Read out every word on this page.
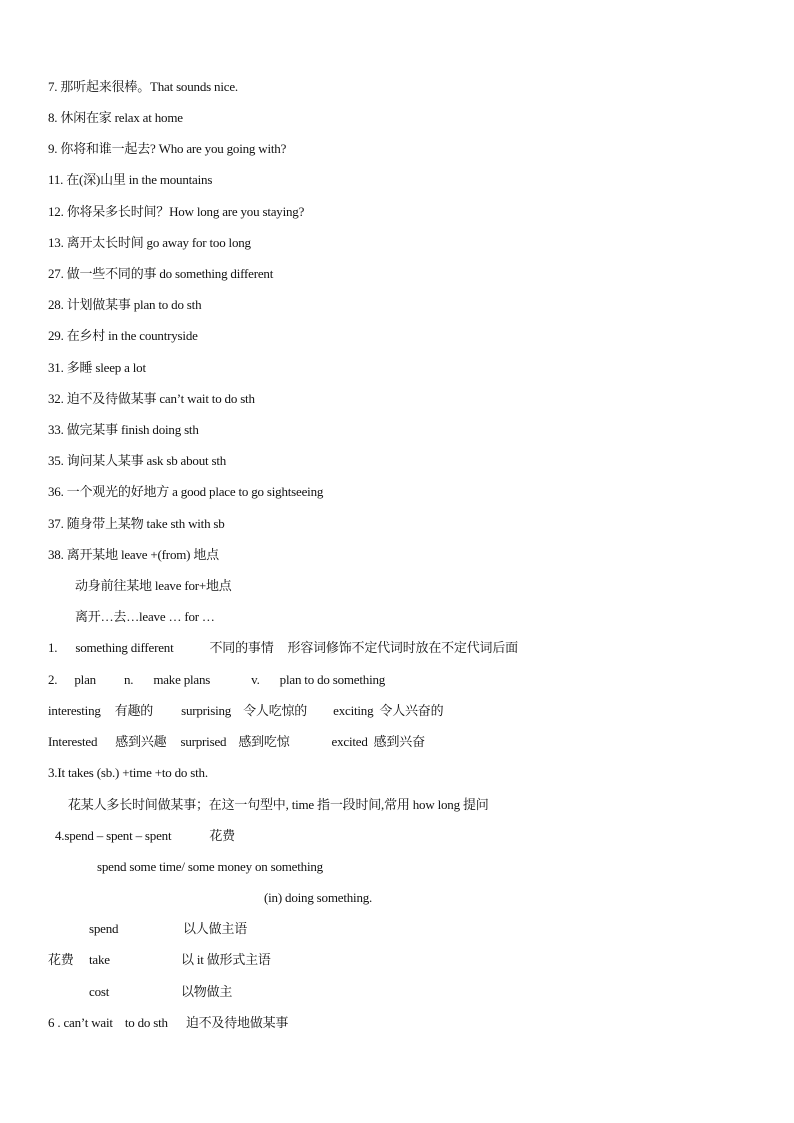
7. 那听起来很棒。That sounds nice.
8. 休闲在家 relax at home
9. 你将和谁一起去? Who are you going with?
11. 在(深)山里 in the mountains
12. 你将呆多长时间？How long are you staying?
13. 离开太长时间 go away for too long
27. 做一些不同的事 do something different
28. 计划做某事 plan to do sth
29. 在乡村 in the countryside
31. 多睡 sleep a lot
32. 迫不及待做某事 can’t wait to do sth
33. 做完某事 finish doing sth
35. 询问某人某事 ask sb about sth
36. 一个观光的好地方 a good place to go sightseeing
37. 随身带上某物 take sth with sb
38. 离开某地 leave +(from) 地点
动身前往某地 leave for+地点
离开…去…leave … for …
1. something different	不同的事情 形容词修饰不定代词时放在不定代词后面
2. plan n. make plans	v. plan to do something
interesting 有趣的 surprising 令人吃惊的 exciting 令人兴奋的
Interested 感到兴趣 surprised 感到吃惊	excited 感到兴奋
3.It takes (sb.) +time +to do sth.
花某人多长时间做某事；在这一句型中, time 指一段时间,常用 how long 提问
4.spend – spent – spent	花费
spend some time/ some money on something
(in) doing something.
spend	以人做主语
花费 take	以 it 做形式主语
cost	以物做主
6 . can’t wait to do sth 迫不及待地做某事
